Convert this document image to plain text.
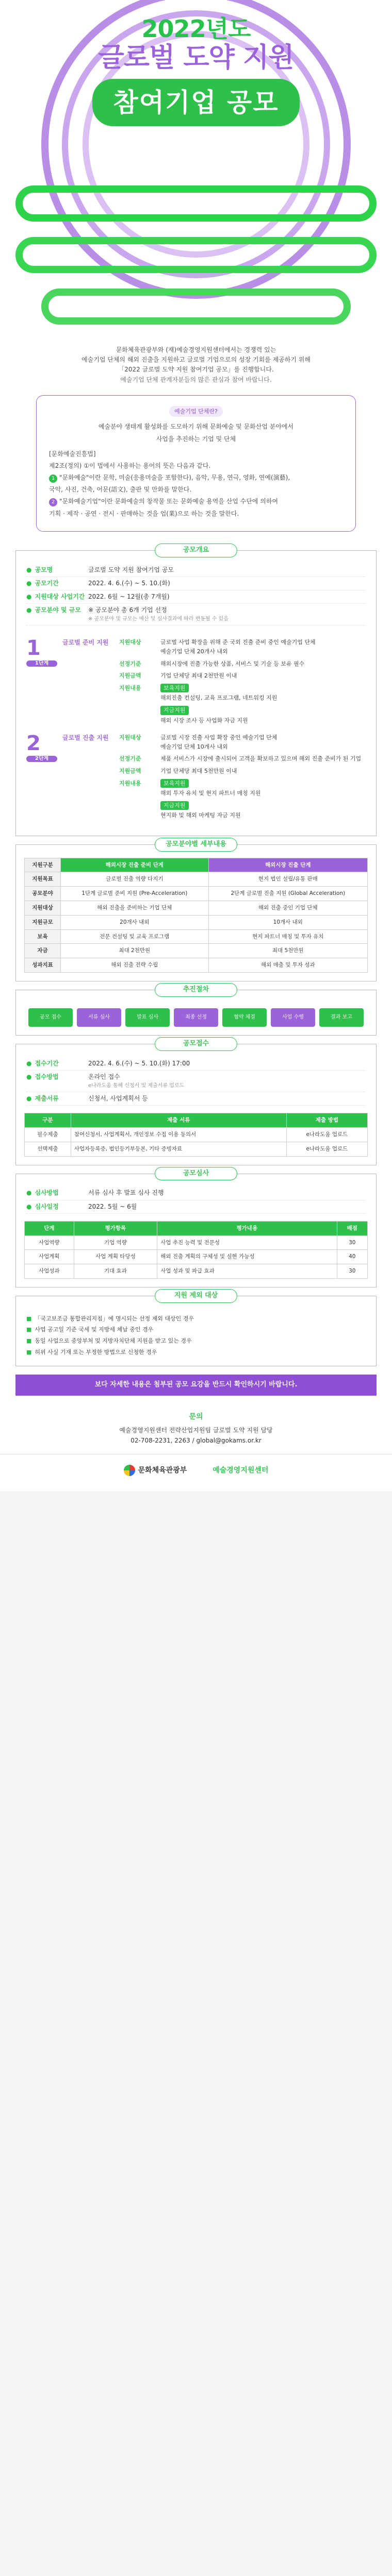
2022년도
글로벌 도약 지원
참여기업 공모

문화체육관광부와 (재)예술경영지원센터에서는 경쟁력 있는

예술기업 단체의 해외 진출을 지원하고 글로벌 기업으로의 성장 기회를 제공하기 위해

「2022 글로벌 도약 지원 참여기업 공모」를 진행합니다.

예술기업 단체 관계자분들의 많은 관심과 참여 바랍니다.

예술기업 단체란?

예술분야 생태계 활성화를 도모하기 위해 문화예술 및 문화산업 분야에서

사업을 추진하는 기업 및 단체

[문화예술진흥법]

제2조(정의) ①이 법에서 사용하는 용어의 뜻은 다음과 같다.

1 "문화예술"이란 문학, 미술(응용미술을 포함한다), 음악, 무용, 연극, 영화, 연예(演藝),

국악, 사진, 건축, 어문(語文), 출판 및 만화를 말한다.

2 "문화예술기업"이란 문화예술의 창작물 또는 문화예술 용역을 산업 수단에 의하여

기획 · 제작 · 공연 · 전시 · 판매하는 것을 업(業)으로 하는 것을 말한다.

공모개요
● 공모명	글로벌 도약 지원 참여기업 공모
● 공모기간	2022. 4. 6.(수) ~ 5. 10.(화)
● 지원대상 사업기간 2022. 6월 ~ 12월(총 7개월)
● 공모분야 및 규모	※ 공모분야 총 6개 기업 선정
※ 공모분야 및 규모는 예산 및 심사결과에 따라 변동될 수 있음
1
1단계
글로벌 준비 지원	지원대상	글로벌 사업 확장을 위해 준 국외 진출 준비 중인 예술기업 단체
예술기업 단체 20개사 내외
선정기준	해외시장에 진출 가능한 상품, 서비스 및 기술 등 보유 필수
지원금액	기업 단체당 최대 2천만원 이내
지원내용	보육지원
해외진출 컨설팅, 교육 프로그램, 네트워킹 지원
지금지원
해외 시장 조사 등 사업화 자금 지원
2
2단계
글로벌 진출 지원	지원대상	글로벌 시장 진출 사업 확장 중인 예술기업 단체
예술기업 단체 10개사 내외
선정기준	제품 서비스가 시장에 출시되어 고객을 확보하고 있으며 해외 진출 준비가 된 기업
지원금액	기업 단체당 최대 5천만원 이내
지원내용	보육지원
해외 투자 유치 및 현지 파트너 매칭 지원
지금지원
현지화 및 해외 마케팅 자금 지원
공모분야별 세부내용
지원구분	해외시장 진출 준비 단계	해외시장 진출 단계
지원목표	글로벌 진출 역량 다지기	현지 법인 설립/유통 판매
공모분야	1단계 글로벌 준비 지원 (Pre-Acceleration)	2단계 글로벌 진출 지원 (Global Acceleration)
지원대상	해외 진출을 준비하는 기업 단체	해외 진출 중인 기업 단체
지원규모	20개사 내외	10개사 내외
보육	전문 컨설팅 및 교육 프로그램	현지 파트너 매칭 및 투자 유치
자금	최대 2천만원	최대 5천만원
성과지표	해외 진출 전략 수립	해외 매출 및 투자 성과
추진절차
공모 접수	서류 심사	발표 심사	최종 선정	협약 체결	사업 수행	결과 보고
공모접수
● 접수기간	2022. 4. 6.(수) ~ 5. 10.(화) 17:00
● 접수방법	온라인 접수
e나라도움 통해 신청서 및 제출서류 업로드
● 제출서류	신청서, 사업계획서 등
구분	제출 서류	제출 방법
필수제출	참여신청서, 사업계획서, 개인정보 수집 이용 동의서	e나라도움 업로드
선택제출	사업자등록증, 법인등기부등본, 기타 증빙자료	e나라도움 업로드
공모심사
● 심사방법	서류 심사 후 발표 심사 진행
● 심사일정	2022. 5월 ~ 6월
단계	평가항목	평가내용	배점
사업역량	기업 역량	사업 추진 능력 및 전문성	30
사업계획	사업 계획 타당성	해외 진출 계획의 구체성 및 실현 가능성	40
사업성과	기대 효과	사업 성과 및 파급 효과	30
지원 제외 대상

■ 「국고보조금 통합관리지침」에 명시되는 선정 제외 대상인 경우

■ 사업 공고일 기준 국세 및 지방세 체납 중인 경우

■ 동일 사업으로 중앙부처 및 지방자치단체 지원을 받고 있는 경우

■ 허위 사실 기재 또는 부정한 방법으로 신청한 경우

보다 자세한 내용은 첨부된 공모 요강을 반드시 확인하시기 바랍니다.
문의

예술경영지원센터 전략산업지원팀 글로벌 도약 지원 담당

02-708-2231, 2263 / global@gokams.or.kr

문화체육관광부	예술경영지원센터
